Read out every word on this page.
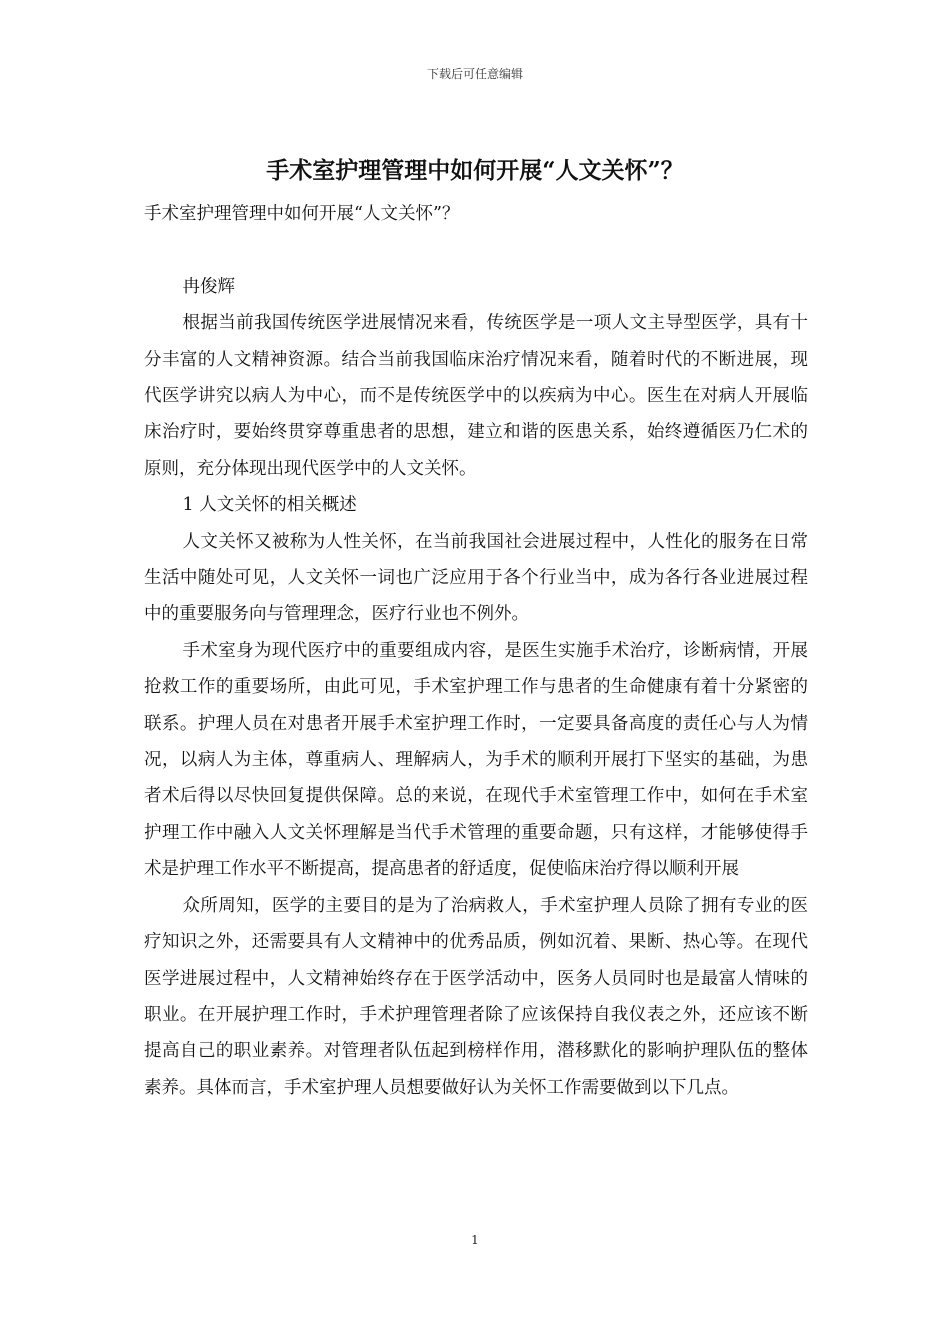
下载后可任意编辑
手术室护理管理中如何开展“人文关怀”？

手术室护理管理中如何开展“人文关怀”？

冉俊辉

根据当前我国传统医学进展情况来看，传统医学是一项人文主导型医学，具有十分丰富的人文精神资源。结合当前我国临床治疗情况来看，随着时代的不断进展，现代医学讲究以病人为中心，而不是传统医学中的以疾病为中心。医生在对病人开展临床治疗时，要始终贯穿尊重患者的思想，建立和谐的医患关系，始终遵循医乃仁术的原则，充分体现出现代医学中的人文关怀。

1 人文关怀的相关概述

人文关怀又被称为人性关怀，在当前我国社会进展过程中，人性化的服务在日常生活中随处可见，人文关怀一词也广泛应用于各个行业当中，成为各行各业进展过程中的重要服务向与管理理念，医疗行业也不例外。

手术室身为现代医疗中的重要组成内容，是医生实施手术治疗，诊断病情，开展抢救工作的重要场所，由此可见，手术室护理工作与患者的生命健康有着十分紧密的联系。护理人员在对患者开展手术室护理工作时，一定要具备高度的责任心与人为情况，以病人为主体，尊重病人、理解病人，为手术的顺利开展打下坚实的基础，为患者术后得以尽快回复提供保障。总的来说，在现代手术室管理工作中，如何在手术室护理工作中融入人文关怀理解是当代手术管理的重要命题，只有这样，才能够使得手术是护理工作水平不断提高，提高患者的舒适度，促使临床治疗得以顺利开展

众所周知，医学的主要目的是为了治病救人，手术室护理人员除了拥有专业的医疗知识之外，还需要具有人文精神中的优秀品质，例如沉着、果断、热心等。在现代医学进展过程中，人文精神始终存在于医学活动中，医务人员同时也是最富人情味的职业。在开展护理工作时，手术护理管理者除了应该保持自我仪表之外，还应该不断提高自己的职业素养。对管理者队伍起到榜样作用，潜移默化的影响护理队伍的整体素养。具体而言，手术室护理人员想要做好认为关怀工作需要做到以下几点。

1
